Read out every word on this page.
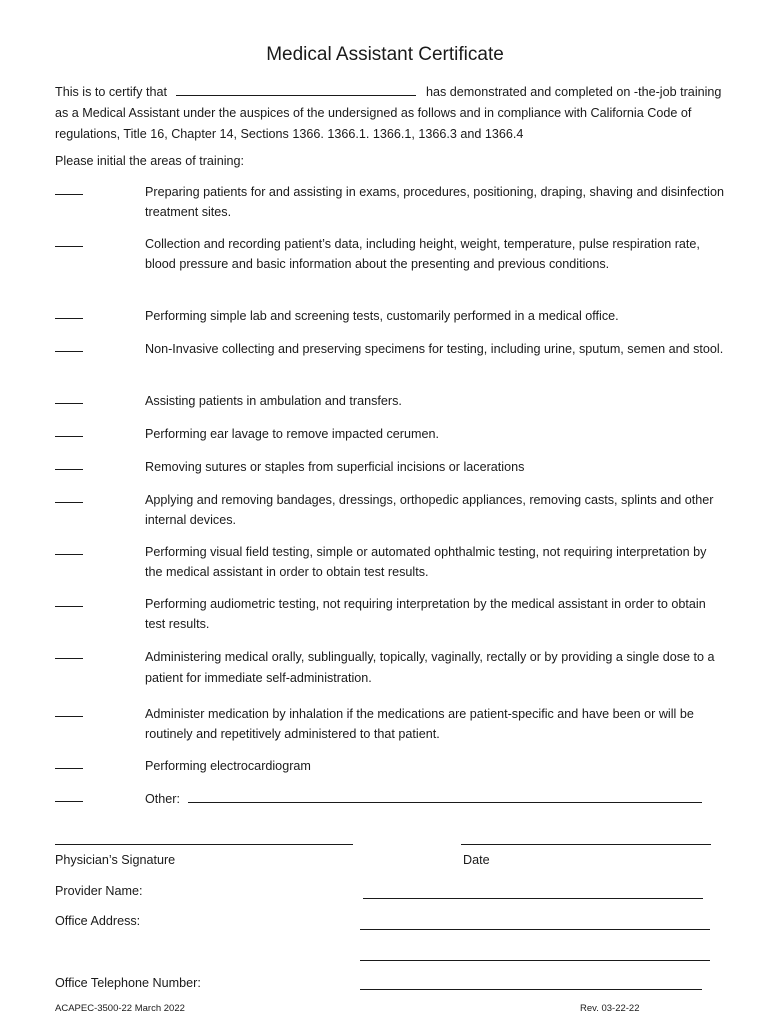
Medical Assistant Certificate
This is to certify that	has demonstrated and completed on -the-job training as a Medical Assistant under the auspices of the undersigned as follows and in compliance with California Code of regulations, Title 16, Chapter 14, Sections 1366. 1366.1. 1366.1, 1366.3 and 1366.4
Please initial the areas of training:
Preparing patients for and assisting in exams, procedures, positioning, draping, shaving and disinfection treatment sites.
Collection and recording patient’s data, including height, weight, temperature, pulse respiration rate, blood pressure and basic information about the presenting and previous conditions.
Performing simple lab and screening tests, customarily performed in a medical office.
Non-Invasive collecting and preserving specimens for testing, including urine, sputum, semen and stool.
Assisting patients in ambulation and transfers.
Performing ear lavage to remove impacted cerumen.
Removing sutures or staples from superficial incisions or lacerations
Applying and removing bandages, dressings, orthopedic appliances, removing casts, splints and other internal devices.
Performing visual field testing, simple or automated ophthalmic testing, not requiring interpretation by the medical assistant in order to obtain test results.
Performing audiometric testing, not requiring interpretation by the medical assistant in order to obtain test results.
Administering medical orally, sublingually, topically, vaginally, rectally or by providing a single dose to a patient for immediate self-administration.
Administer medication by inhalation if the medications are patient-specific and have been or will be routinely and repetitively administered to that patient.
Performing electrocardiogram
Other:
Physician’s Signature	Date
Provider Name:
Office Address:
Office Telephone Number:
ACAPEC-3500-22 March 2022	Rev. 03-22-22
